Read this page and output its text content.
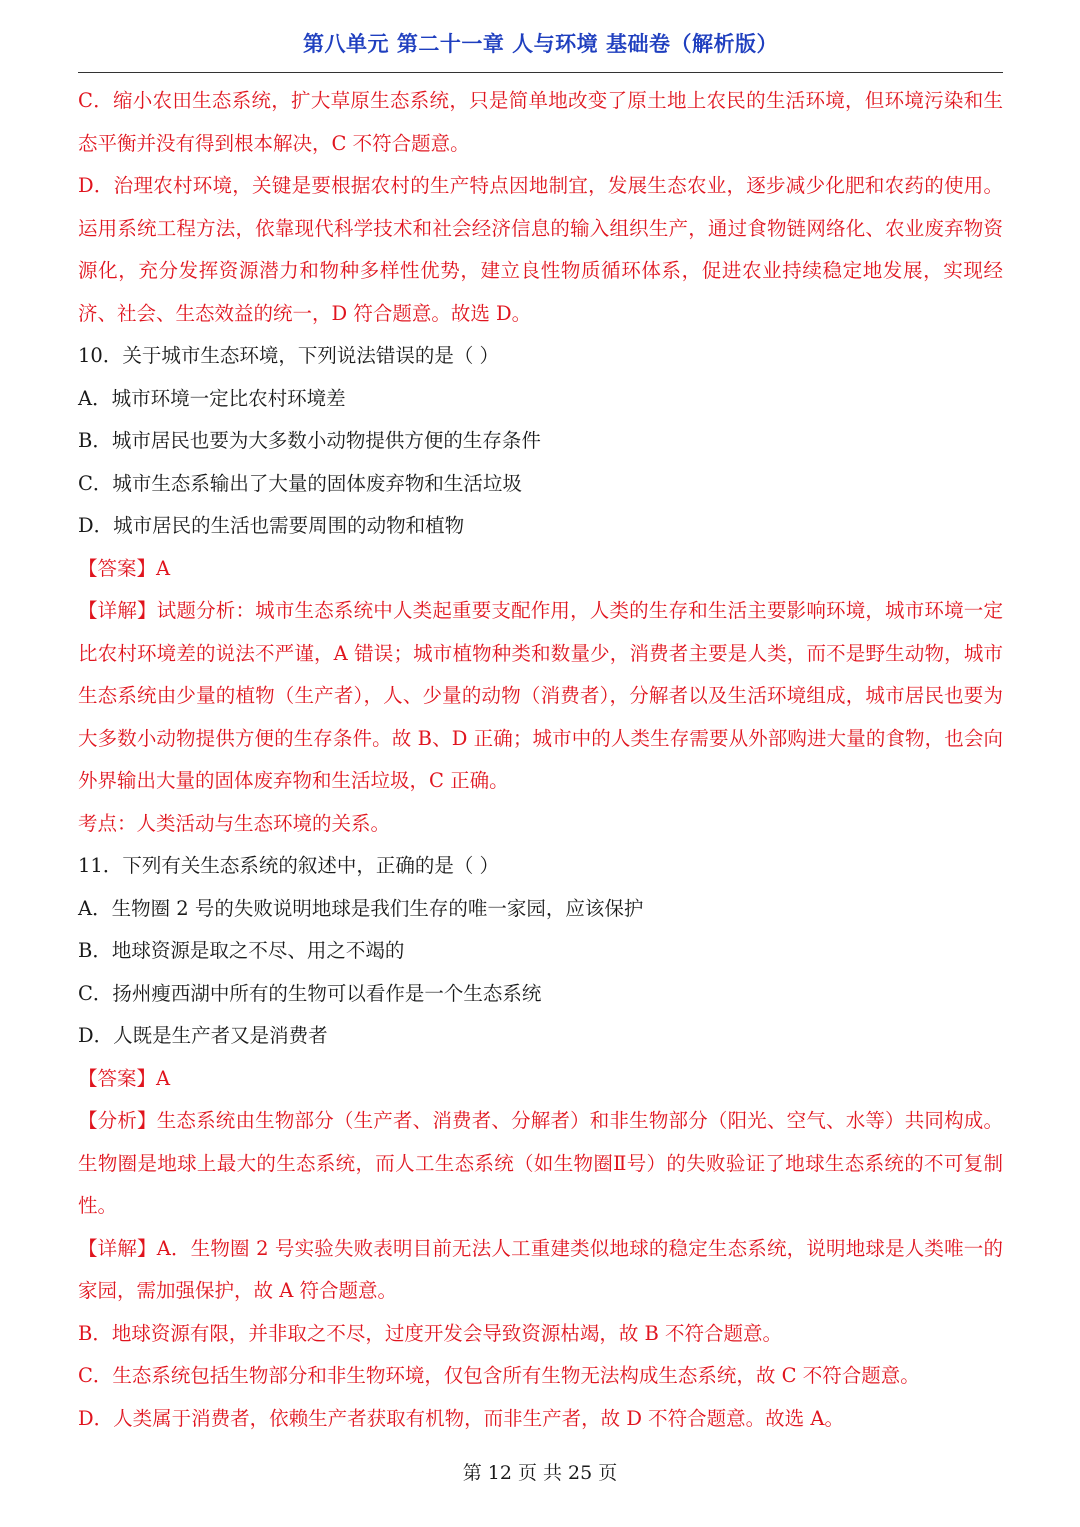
第八单元 第二十一章 人与环境 基础卷（解析版）

C．缩小农田生态系统，扩大草原生态系统，只是简单地改变了原土地上农民的生活环境，但环境污染和生态平衡并没有得到根本解决，C 不符合题意。

D．治理农村环境，关键是要根据农村的生产特点因地制宜，发展生态农业，逐步减少化肥和农药的使用。运用系统工程方法，依靠现代科学技术和社会经济信息的输入组织生产，通过食物链网络化、农业废弃物资源化，充分发挥资源潜力和物种多样性优势，建立良性物质循环体系，促进农业持续稳定地发展，实现经济、社会、生态效益的统一，D 符合题意。故选 D。

10．关于城市生态环境，下列说法错误的是（ ）

A．城市环境一定比农村环境差

B．城市居民也要为大多数小动物提供方便的生存条件

C．城市生态系输出了大量的固体废弃物和生活垃圾

D．城市居民的生活也需要周围的动物和植物

【答案】A

【详解】试题分析：城市生态系统中人类起重要支配作用，人类的生存和生活主要影响环境，城市环境一定比农村环境差的说法不严谨，A 错误；城市植物种类和数量少，消费者主要是人类，而不是野生动物，城市生态系统由少量的植物（生产者），人、少量的动物（消费者），分解者以及生活环境组成，城市居民也要为大多数小动物提供方便的生存条件。故 B、D 正确；城市中的人类生存需要从外部购进大量的食物，也会向外界输出大量的固体废弃物和生活垃圾，C 正确。

考点：人类活动与生态环境的关系。

11．下列有关生态系统的叙述中，正确的是（ ）

A．生物圈 2 号的失败说明地球是我们生存的唯一家园，应该保护

B．地球资源是取之不尽、用之不竭的

C．扬州瘦西湖中所有的生物可以看作是一个生态系统

D．人既是生产者又是消费者

【答案】A

【分析】生态系统由生物部分（生产者、消费者、分解者）和非生物部分（阳光、空气、水等）共同构成。生物圈是地球上最大的生态系统，而人工生态系统（如生物圈Ⅱ号）的失败验证了地球生态系统的不可复制性。

【详解】A．生物圈 2 号实验失败表明目前无法人工重建类似地球的稳定生态系统，说明地球是人类唯一的家园，需加强保护，故 A 符合题意。

B．地球资源有限，并非取之不尽，过度开发会导致资源枯竭，故 B 不符合题意。

C．生态系统包括生物部分和非生物环境，仅包含所有生物无法构成生态系统，故 C 不符合题意。

D．人类属于消费者，依赖生产者获取有机物，而非生产者，故 D 不符合题意。故选 A。

第 12 页 共 25 页
